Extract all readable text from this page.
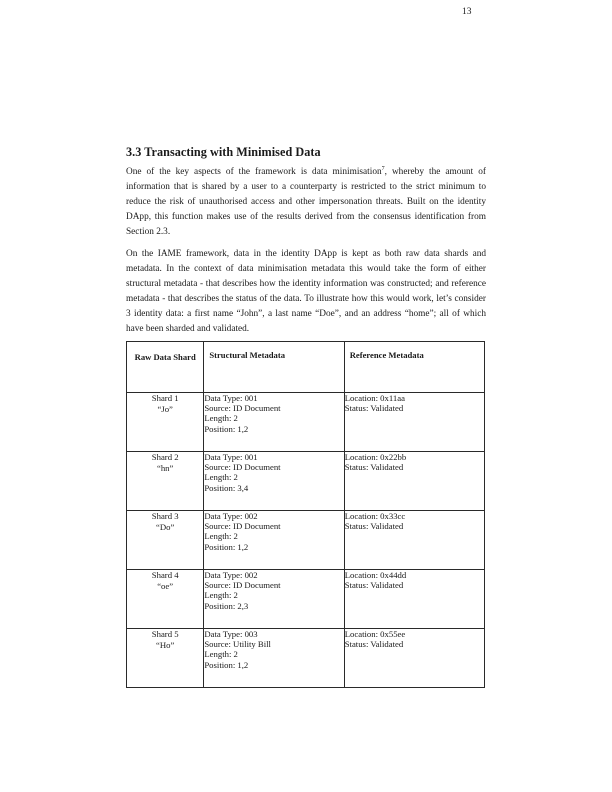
13
3.3 Transacting with Minimised Data

One of the key aspects of the framework is data minimisation$^7$, whereby the amount of information that is shared by a user to a counterparty is restricted to the strict minimum to reduce the risk of unauthorised access and other impersonation threats. Built on the identity DApp, this function makes use of the results derived from the consensus identification from Section 2.3.

On the IAME framework, data in the identity DApp is kept as both raw data shards and metadata. In the context of data minimisation metadata this would take the form of either structural metadata - that describes how the identity information was constructed; and reference metadata - that describes the status of the data. To illustrate how this would work, let’s consider 3 identity data: a first name “John”, a last name “Doe”, and an address “home”; all of which have been sharded and validated.

Raw Data Shard	Structural Metadata	Reference Metadata

Shard 1
“Jo”	Data Type: 001
Source: ID Document
Length: 2
Position: 1,2	Location: 0x11aa
Status: Validated

Shard 2
“hn”	Data Type: 001
Source: ID Document
Length: 2
Position: 3,4	Location: 0x22bb
Status: Validated

Shard 3
“Do”	Data Type: 002
Source: ID Document
Length: 2
Position: 1,2	Location: 0x33cc
Status: Validated

Shard 4
“oe”	Data Type: 002
Source: ID Document
Length: 2
Position: 2,3	Location: 0x44dd
Status: Validated

Shard 5
“Ho”	Data Type: 003
Source: Utility Bill
Length: 2
Position: 1,2	Location: 0x55ee
Status: Validated
